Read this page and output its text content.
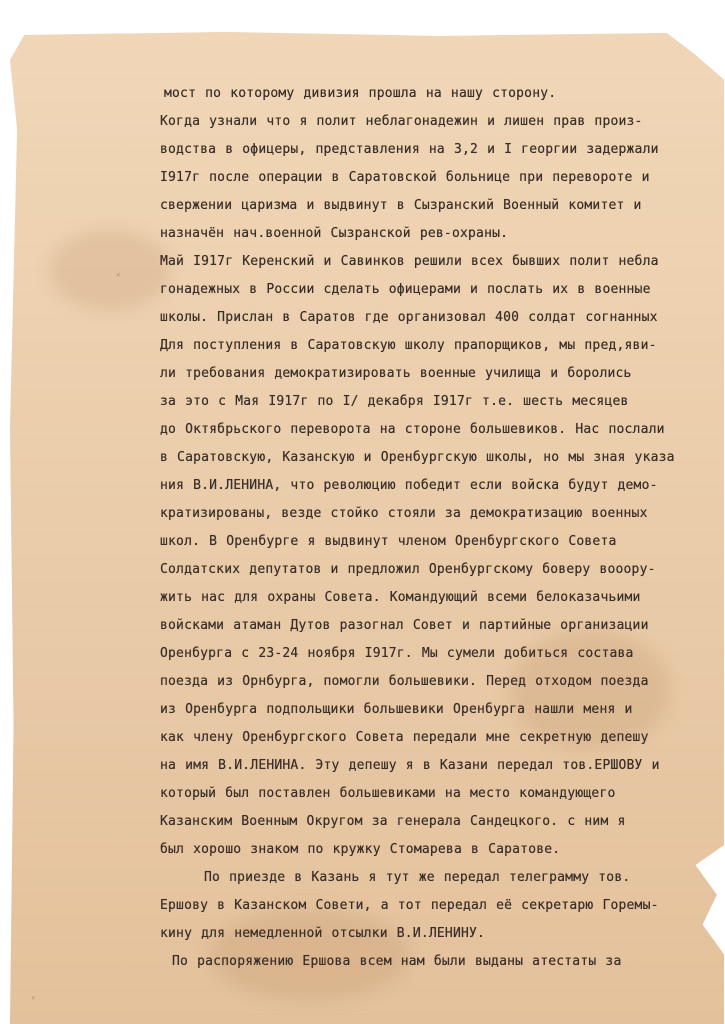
ˣ
ˣ
мост по которому дивизия прошла на нашу сторону.
Когда узнали что я полит неблагонадежин и лишен прав произ-
водства в офицеры, представления на 3,2 и I георгии задержали
I917г после операции в Саратовской больнице при перевороте и
свержении царизма и выдвинут в Сызранский Военный комитет и
назначён нач.военной Сызранской рев-охраны.
Май I917г Керенский и Савинков решили всех бывших полит небла
гонадежных в России сделать офицерами и послать их в военные
школы. Прислан в Саратов где организовал 400 солдат согнанных
Для поступления в Саратовскую школу прапорщиков, мы пред,яви-
ли требования демократизировать военные училища и боролись
за это с Мая I917г по I/ декабря I917г т.е. шесть месяцев
до Октябрьского переворота на стороне большевиков. Нас послали
в Саратовскую, Казанскую и Оренбургскую школы, но мы зная указа
ния В.И.ЛЕНИНА, что революцию победит если войска будут демо-
кратизированы, везде стойко стояли за демократизацию военных
школ. В Оренбурге я выдвинут членом Оренбургского Совета
Солдатских депутатов и предложил Оренбургскому боверу вооору-
жить нас для охраны Совета. Командующий всеми белоказачьими
войсками атаман Дутов разогнал Совет и партийные организации
Оренбурга с 23-24 ноября I917г. Мы сумели добиться состава
поезда из Орнбурга, помогли большевики. Перед отходом поезда
из Оренбурга подпольщики большевики Оренбурга нашли меня и
как члену Оренбургского Совета передали мне секретную депешу
на имя В.И.ЛЕНИНА. Эту депешу я в Казани передал тов.ЕРШОВУ и
который был поставлен большевиками на место командующего
Казанским Военным Округом за генерала Сандецкого. с ним я
был хорошо знаком по кружку Стомарева в Саратове.
По приезде в Казань я тут же передал телеграмму тов.
Ершову в Казанском Совети, а тот передал её секретарю Горемы-
кину для немедленной отсылки В.И.ЛЕНИНУ.
По распоряжению Ершова всем нам были выданы атестаты за
